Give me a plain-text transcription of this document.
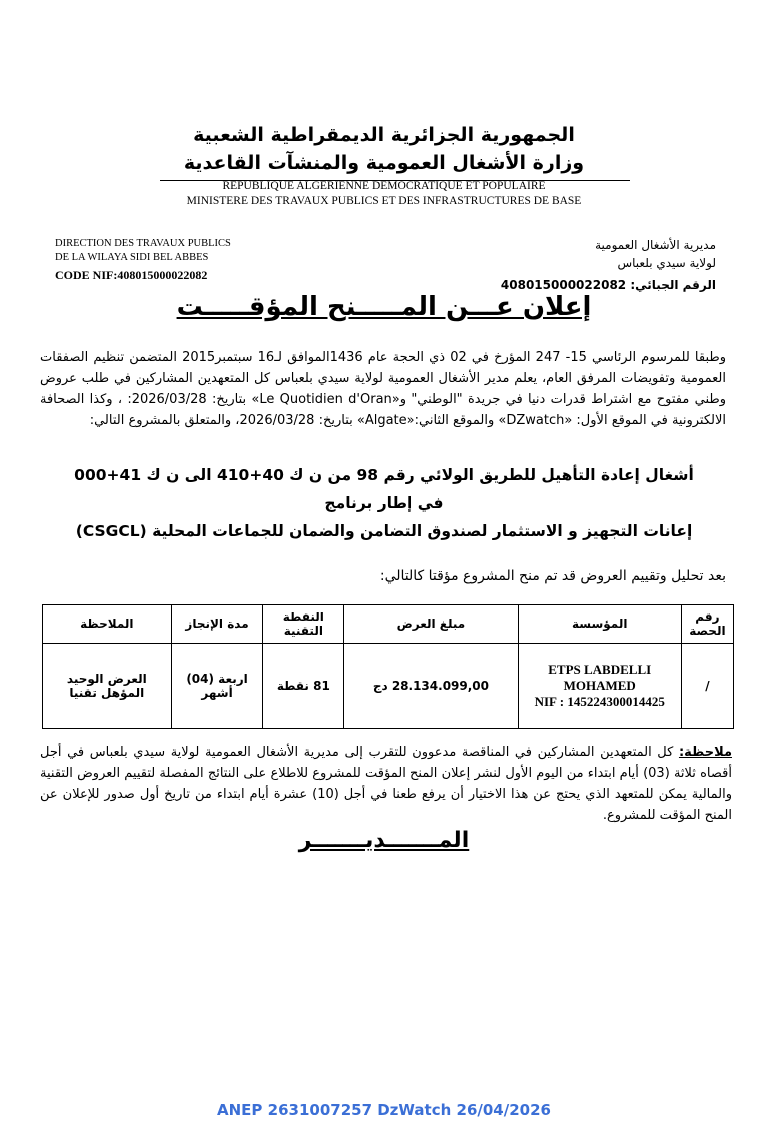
الجمهورية الجزائرية الديمقراطية الشعبية
وزارة الأشغال العمومية والمنشآت القاعدية
REPUBLIQUE ALGERIENNE DEMOCRATIQUE ET POPULAIRE
MINISTERE DES TRAVAUX PUBLICS ET DES INFRASTRUCTURES DE BASE
DIRECTION DES TRAVAUX PUBLICS
DE LA WILAYA SIDI BEL ABBES
CODE NIF:408015000022082
مديرية الأشغال العمومية
لولاية سيدي بلعباس
الرقم الجبائي: 408015000022082
إعلان عـــن المـــــنح المؤقـــــت
وطبقا للمرسوم الرئاسي 15- 247 المؤرخ في 02 ذي الحجة عام 1436الموافق لـ16 سبتمبر2015 المتضمن تنظيم الصفقات العمومية وتفويضات المرفق العام، يعلم مدير الأشغال العمومية لولاية سيدي بلعباس كل المتعهدين المشاركين في طلب عروض وطني مفتوح مع اشتراط قدرات دنيا في جريدة "الوطني" و«Le Quotidien d'Oran» بتاريخ: 2026/03/28: ، وكذا الصحافة الالكترونية في الموقع الأول: «DZwatch» والموقع الثاني:«Algate» بتاريخ: 2026/03/28، والمتعلق بالمشروع التالي:
أشغال إعادة التأهيل للطريق الولائي رقم 98 من ن ك 40+410 الى ن ك 41+000
في إطار برنامج
إعانات التجهيز و الاستثمار لصندوق التضامن والضمان للجماعات المحلية (CSGCL)
بعد تحليل وتقييم العروض قد تم منح المشروع مؤقتا كالتالي:
رقم الحصة	المؤسسة	مبلغ العرض	النقطة التقنية	مدة الإنجاز	الملاحظة
/	ETPS LABDELLI
MOHAMED
NIF : 145224300014425	28.134.099,00 دج	81 نقطة	اربعة (04) أشهر	العرض الوحيد المؤهل تقنيا
ملاحظة: كل المتعهدين المشاركين في المناقصة مدعوون للتقرب إلى مديرية الأشغال العمومية لولاية سيدي بلعباس في أجل أقصاه ثلاثة (03) أيام ابتداء من اليوم الأول لنشر إعلان المنح المؤقت للمشروع للاطلاع على النتائج المفصلة لتقييم العروض التقنية والمالية يمكن للمتعهد الذي يحتج عن هذا الاختيار أن يرفع طعنا في أجل (10) عشرة أيام ابتداء من تاريخ أول صدور للإعلان عن المنح المؤقت للمشروع.
المـــــــديـــــــر
ANEP 2631007257 DzWatch 26/04/2026
